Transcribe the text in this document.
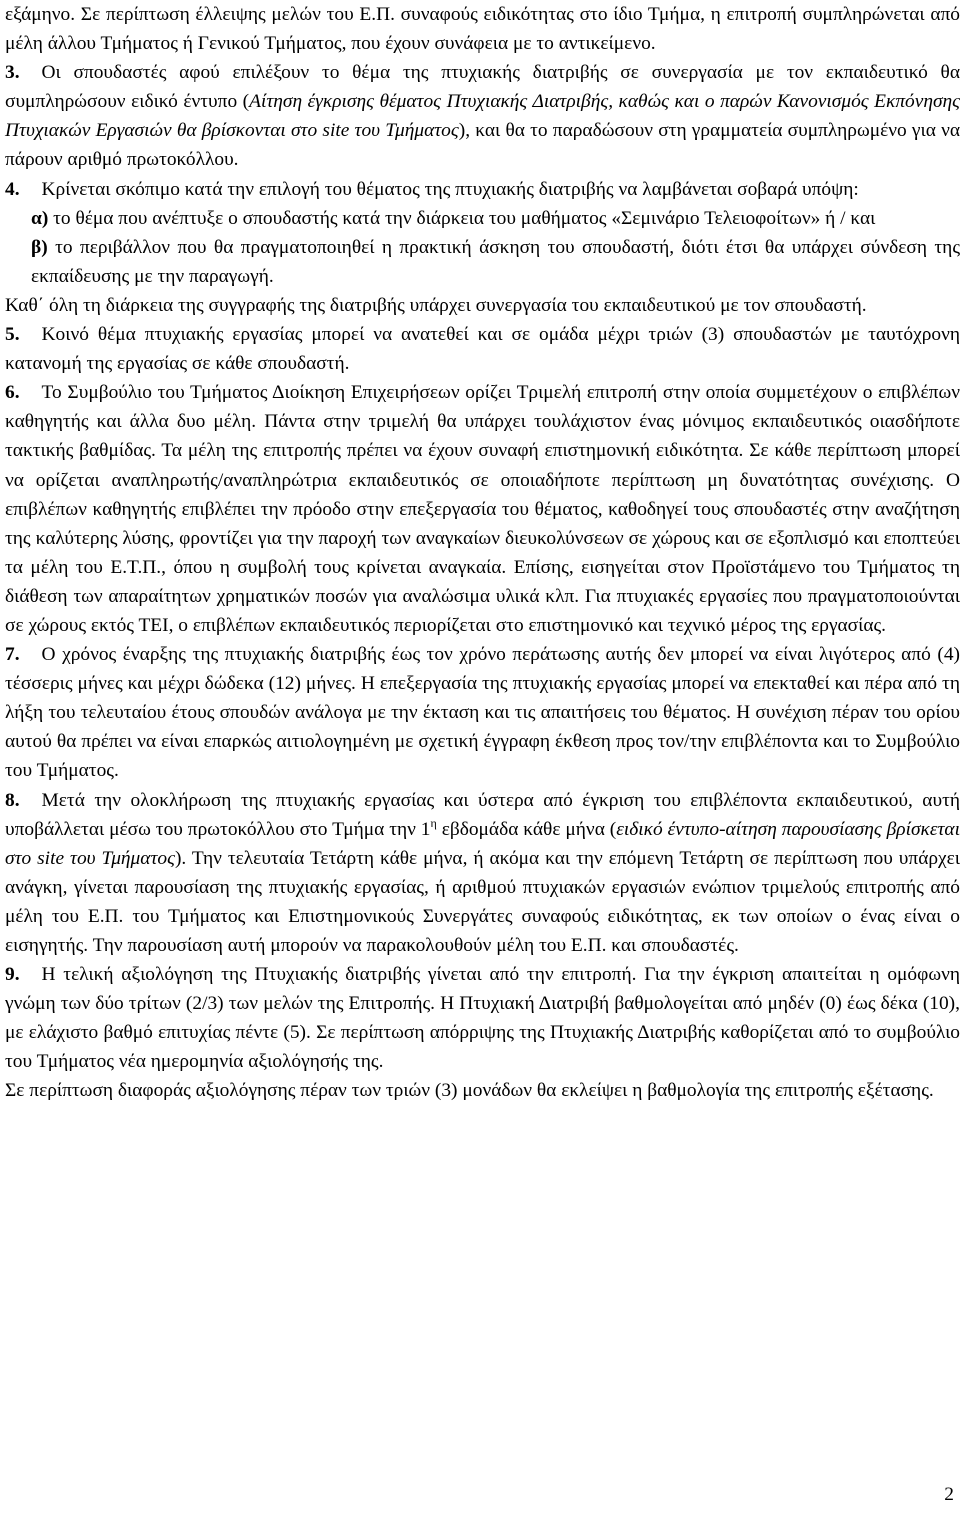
εξάμηνο. Σε περίπτωση έλλειψης μελών του Ε.Π. συναφούς ειδικότητας στο ίδιο Τμήμα, η επιτροπή συμπληρώνεται από μέλη άλλου Τμήματος ή Γενικού Τμήματος, που έχουν συνάφεια με το αντικείμενο.

3. Οι σπουδαστές αφού επιλέξουν το θέμα της πτυχιακής διατριβής σε συνεργασία με τον εκπαιδευτικό θα συμπληρώσουν ειδικό έντυπο (Αίτηση έγκρισης θέματος Πτυχιακής Διατριβής, καθώς και ο παρών Κανονισμός Εκπόνησης Πτυχιακών Εργασιών θα βρίσκονται στο site του Τμήματος), και θα το παραδώσουν στη γραμματεία συμπληρωμένο για να πάρουν αριθμό πρωτοκόλλου.

4. Κρίνεται σκόπιμο κατά την επιλογή του θέματος της πτυχιακής διατριβής να λαμβάνεται σοβαρά υπόψη:

α) το θέμα που ανέπτυξε ο σπουδαστής κατά την διάρκεια του μαθήματος «Σεμινάριο Τελειοφοίτων» ή / και

β) το περιβάλλον που θα πραγματοποιηθεί η πρακτική άσκηση του σπουδαστή, διότι έτσι θα υπάρχει σύνδεση της εκπαίδευσης με την παραγωγή.

Καθ΄ όλη τη διάρκεια της συγγραφής της διατριβής υπάρχει συνεργασία του εκπαιδευτικού με τον σπουδαστή.

5. Κοινό θέμα πτυχιακής εργασίας μπορεί να ανατεθεί και σε ομάδα μέχρι τριών (3) σπουδαστών με ταυτόχρονη κατανομή της εργασίας σε κάθε σπουδαστή.

6. Το Συμβούλιο του Τμήματος Διοίκηση Επιχειρήσεων ορίζει Τριμελή επιτροπή στην οποία συμμετέχουν ο επιβλέπων καθηγητής και άλλα δυο μέλη. Πάντα στην τριμελή θα υπάρχει τουλάχιστον ένας μόνιμος εκπαιδευτικός οιασδήποτε τακτικής βαθμίδας. Τα μέλη της επιτροπής πρέπει να έχουν συναφή επιστημονική ειδικότητα. Σε κάθε περίπτωση μπορεί να ορίζεται αναπληρωτής/αναπληρώτρια εκπαιδευτικός σε οποιαδήποτε περίπτωση μη δυνατότητας συνέχισης. Ο επιβλέπων καθηγητής επιβλέπει την πρόοδο στην επεξεργασία του θέματος, καθοδηγεί τους σπουδαστές στην αναζήτηση της καλύτερης λύσης, φροντίζει για την παροχή των αναγκαίων διευκολύνσεων σε χώρους και σε εξοπλισμό και εποπτεύει τα μέλη του Ε.Τ.Π., όπου η συμβολή τους κρίνεται αναγκαία. Επίσης, εισηγείται στον Προϊστάμενο του Τμήματος τη διάθεση των απαραίτητων χρηματικών ποσών για αναλώσιμα υλικά κλπ. Για πτυχιακές εργασίες που πραγματοποιούνται σε χώρους εκτός ΤΕΙ, ο επιβλέπων εκπαιδευτικός περιορίζεται στο επιστημονικό και τεχνικό μέρος της εργασίας.

7. Ο χρόνος έναρξης της πτυχιακής διατριβής έως τον χρόνο περάτωσης αυτής δεν μπορεί να είναι λιγότερος από (4) τέσσερις μήνες και μέχρι δώδεκα (12) μήνες. Η επεξεργασία της πτυχιακής εργασίας μπορεί να επεκταθεί και πέρα από τη λήξη του τελευταίου έτους σπουδών ανάλογα με την έκταση και τις απαιτήσεις του θέματος. Η συνέχιση πέραν του ορίου αυτού θα πρέπει να είναι επαρκώς αιτιολογημένη με σχετική έγγραφη έκθεση προς τον/την επιβλέποντα και το Συμβούλιο του Τμήματος.

8. Μετά την ολοκλήρωση της πτυχιακής εργασίας και ύστερα από έγκριση του επιβλέποντα εκπαιδευτικού, αυτή υποβάλλεται μέσω του πρωτοκόλλου στο Τμήμα την $1^\eta$ εβδομάδα κάθε μήνα (ειδικό έντυπο-αίτηση παρουσίασης βρίσκεται στο site του Τμήματος). Την τελευταία Τετάρτη κάθε μήνα, ή ακόμα και την επόμενη Τετάρτη σε περίπτωση που υπάρχει ανάγκη, γίνεται παρουσίαση της πτυχιακής εργασίας, ή αριθμού πτυχιακών εργασιών ενώπιον τριμελούς επιτροπής από μέλη του Ε.Π. του Τμήματος και Επιστημονικούς Συνεργάτες συναφούς ειδικότητας, εκ των οποίων ο ένας είναι ο εισηγητής. Την παρουσίαση αυτή μπορούν να παρακολουθούν μέλη του Ε.Π. και σπουδαστές.

9. Η τελική αξιολόγηση της Πτυχιακής διατριβής γίνεται από την επιτροπή. Για την έγκριση απαιτείται η ομόφωνη γνώμη των δύο τρίτων (2/3) των μελών της Επιτροπής. Η Πτυχιακή Διατριβή βαθμολογείται από μηδέν (0) έως δέκα (10), με ελάχιστο βαθμό επιτυχίας πέντε (5). Σε περίπτωση απόρριψης της Πτυχιακής Διατριβής καθορίζεται από το συμβούλιο του Τμήματος νέα ημερομηνία αξιολόγησής της.

Σε περίπτωση διαφοράς αξιολόγησης πέραν των τριών (3) μονάδων θα εκλείψει η βαθμολογία της επιτροπής εξέτασης.

2
